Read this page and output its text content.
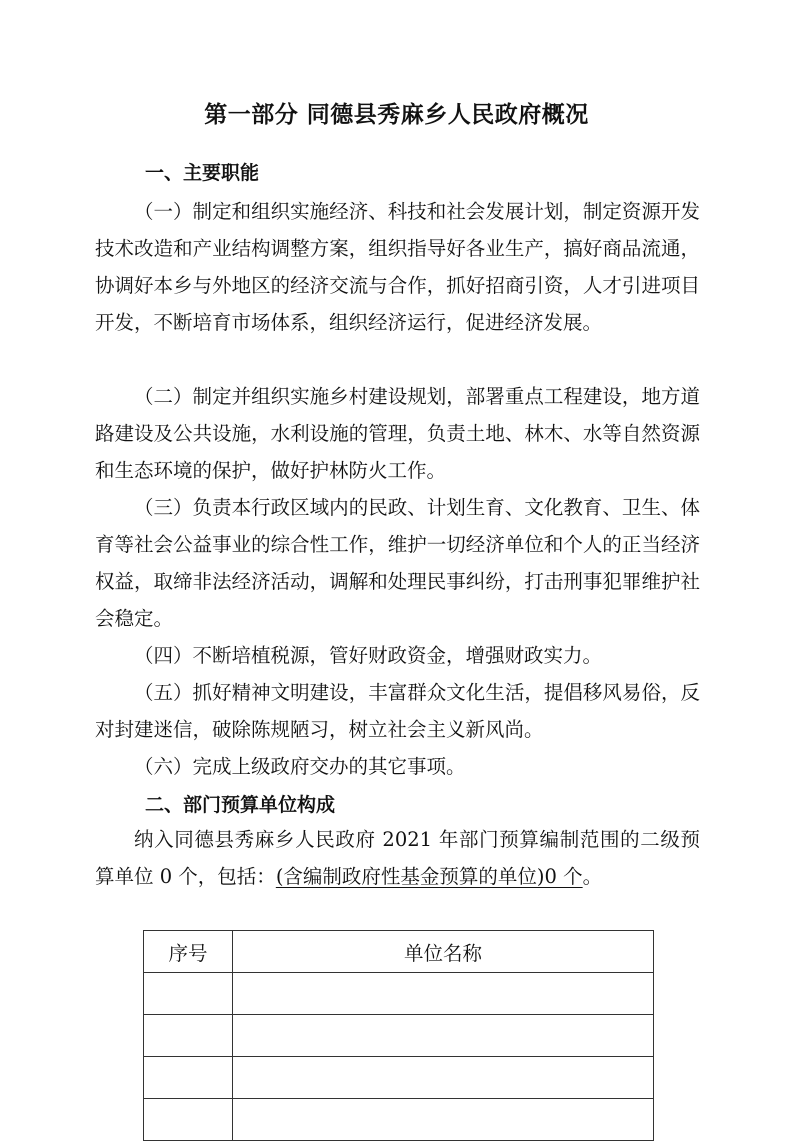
第一部分 同德县秀麻乡人民政府概况
一、主要职能

（一）制定和组织实施经济、科技和社会发展计划，制定资源开发技术改造和产业结构调整方案，组织指导好各业生产，搞好商品流通，协调好本乡与外地区的经济交流与合作，抓好招商引资，人才引进项目开发，不断培育市场体系，组织经济运行，促进经济发展。

（二）制定并组织实施乡村建设规划，部署重点工程建设，地方道路建设及公共设施，水利设施的管理，负责土地、林木、水等自然资源和生态环境的保护，做好护林防火工作。

（三）负责本行政区域内的民政、计划生育、文化教育、卫生、体育等社会公益事业的综合性工作，维护一切经济单位和个人的正当经济权益，取缔非法经济活动，调解和处理民事纠纷，打击刑事犯罪维护社会稳定。

（四）不断培植税源，管好财政资金，增强财政实力。

（五）抓好精神文明建设，丰富群众文化生活，提倡移风易俗，反对封建迷信，破除陈规陋习，树立社会主义新风尚。

（六）完成上级政府交办的其它事项。

二、部门预算单位构成

纳入同德县秀麻乡人民政府 2021 年部门预算编制范围的二级预算单位 0 个，包括：(含编制政府性基金预算的单位)0 个。

序号	单位名称
